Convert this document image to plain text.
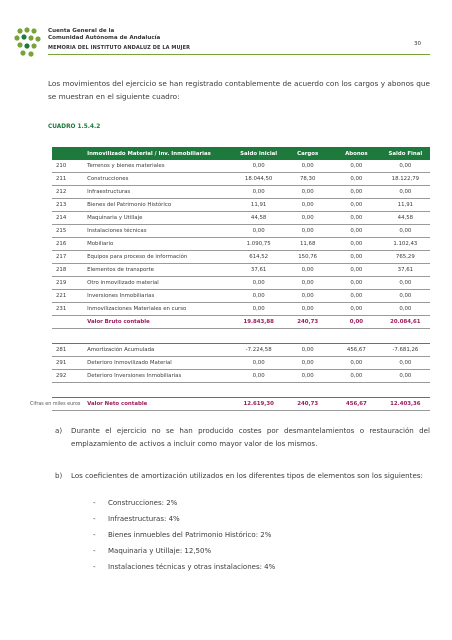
Cuenta General de la
Comunidad Autónoma de Andalucía
MEMORIA DEL INSTITUTO ANDALUZ DE LA MUJER
30
Los movimientos del ejercicio se han registrado contablemente de acuerdo con los cargos y abonos que se muestran en el siguiente cuadro:
CUADRO 1.5.4.2
	Inmovilizado Material / Inv. Inmobiliarias	Saldo Inicial	Cargos	Abonos	Saldo Final
210	Terrenos y bienes materiales	0,00	0,00	0,00	0,00
211	Construcciones	18.044,50	78,30	0,00	18.122,79
212	Infraestructuras	0,00	0,00	0,00	0,00
213	Bienes del Patrimonio Histórico	11,91	0,00	0,00	11,91
214	Maquinaria y Utillaje	44,58	0,00	0,00	44,58
215	Instalaciones técnicas	0,00	0,00	0,00	0,00
216	Mobiliario	1.090,75	11,68	0,00	1.102,43
217	Equipos para proceso de información	614,52	150,76	0,00	765,29
218	Elementos de transporte	37,61	0,00	0,00	37,61
219	Otro inmovilizado material	0,00	0,00	0,00	0,00
221	Inversiones Inmobiliarias	0,00	0,00	0,00	0,00
231	Inmovilizaciones Materiales en curso	0,00	0,00	0,00	0,00
	Valor Bruto contable	19.843,88	240,73	0,00	20.084,61

281	Amortización Acumulada	-7.224,58	0,00	456,67	-7.681,26
291	Deterioro Inmovilizado Material	0,00	0,00	0,00	0,00
292	Deterioro Inversiones Inmobiliarias	0,00	0,00	0,00	0,00

	Valor Neto contable	12.619,30	240,73	456,67	12.403,36
Cifras en miles euros
a) Durante el ejercicio no se han producido costes por desmantelamientos o restauración del emplazamiento de activos a incluir como mayor valor de los mismos.
b) Los coeficientes de amortización utilizados en los diferentes tipos de elementos son los siguientes:
- Construcciones: 2%
- Infraestructuras: 4%
- Bienes inmuebles del Patrimonio Histórico: 2%
- Maquinaria y Utillaje: 12,50%
- Instalaciones técnicas y otras instalaciones: 4%
